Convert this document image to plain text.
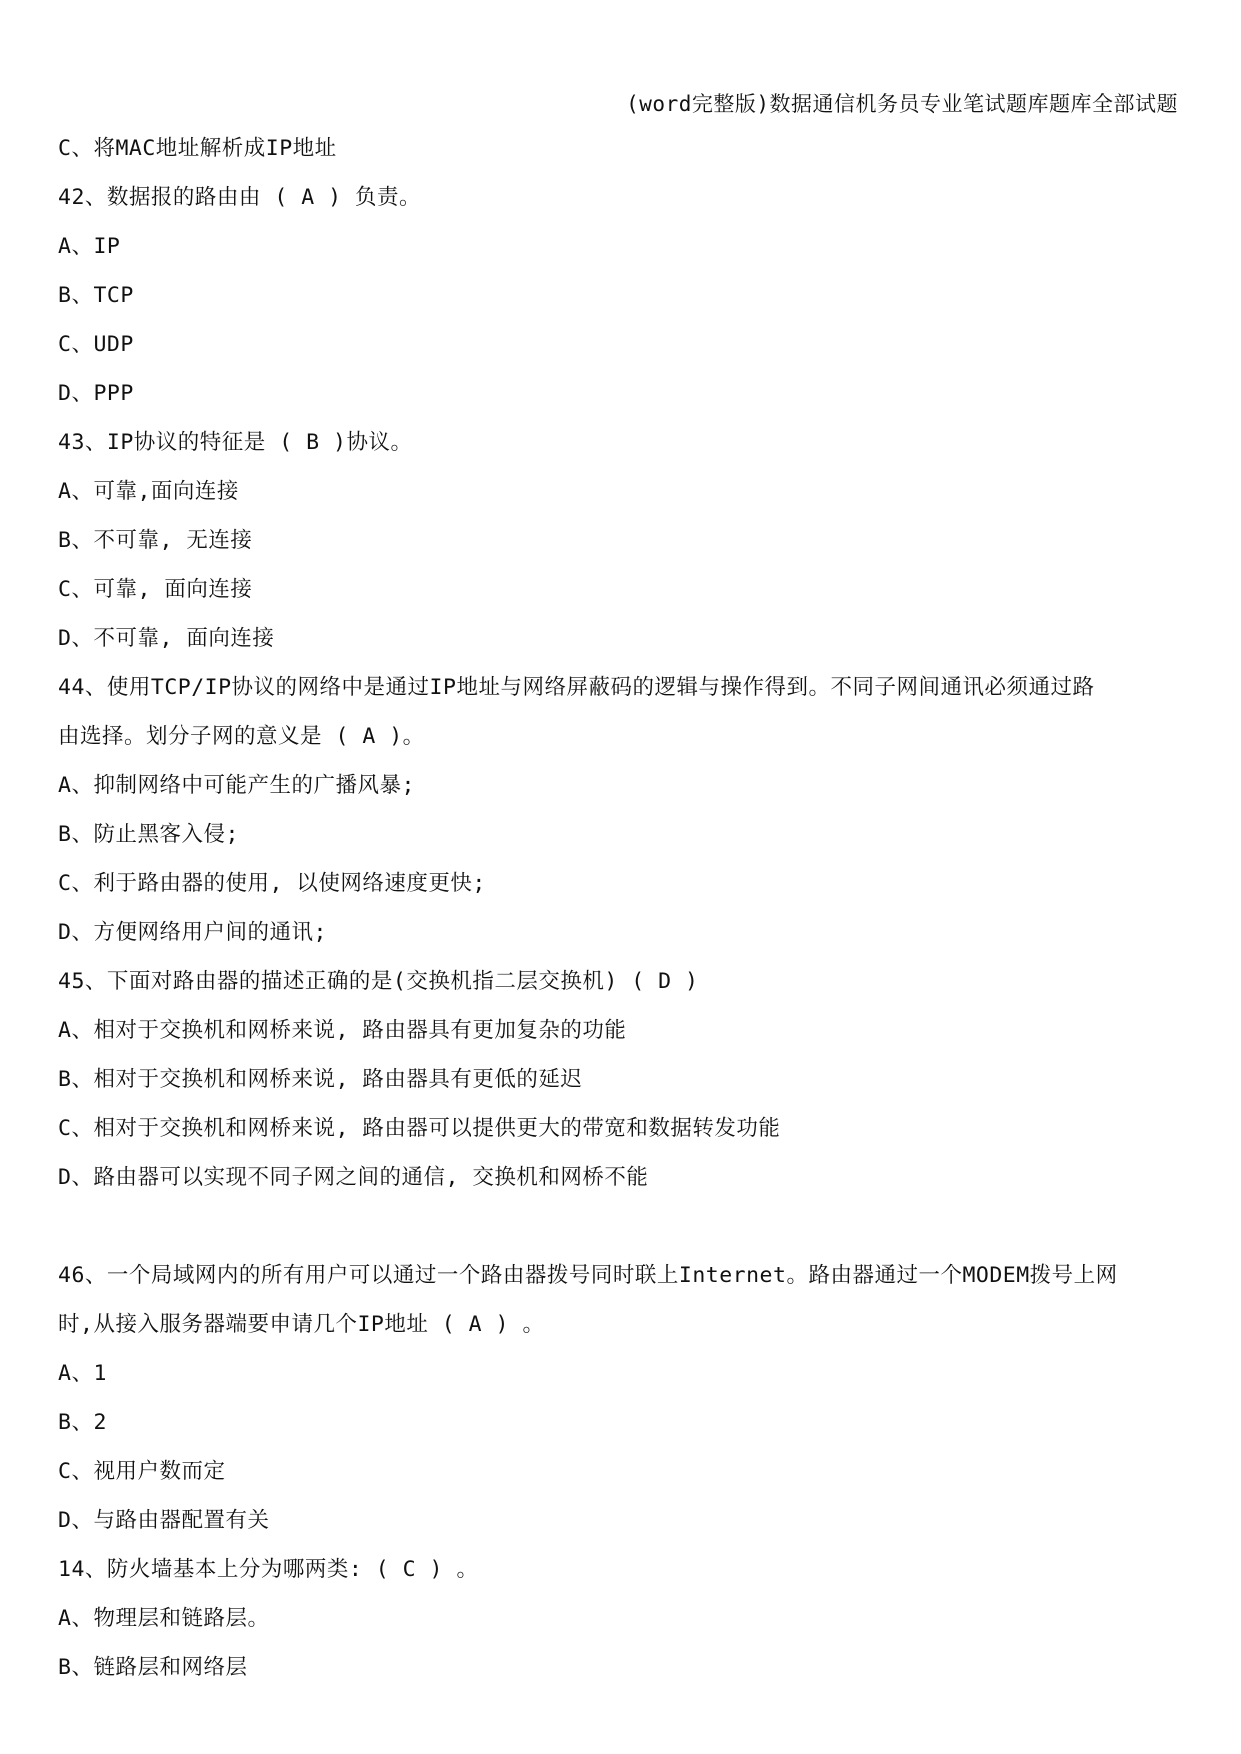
(word完整版)数据通信机务员专业笔试题库题库全部试题
C、将MAC地址解析成IP地址
42、数据报的路由由 ( A ) 负责。
A、IP
B、TCP
C、UDP
D、PPP
43、IP协议的特征是 ( B )协议。
A、可靠,面向连接
B、不可靠, 无连接
C、可靠, 面向连接
D、不可靠, 面向连接
44、使用TCP/IP协议的网络中是通过IP地址与网络屏蔽码的逻辑与操作得到。不同子网间通讯必须通过路
由选择。划分子网的意义是 ( A )。
A、抑制网络中可能产生的广播风暴;
B、防止黑客入侵;
C、利于路由器的使用, 以使网络速度更快;
D、方便网络用户间的通讯;
45、下面对路由器的描述正确的是(交换机指二层交换机) ( D )
A、相对于交换机和网桥来说, 路由器具有更加复杂的功能
B、相对于交换机和网桥来说, 路由器具有更低的延迟
C、相对于交换机和网桥来说, 路由器可以提供更大的带宽和数据转发功能
D、路由器可以实现不同子网之间的通信, 交换机和网桥不能
46、一个局域网内的所有用户可以通过一个路由器拨号同时联上Internet。路由器通过一个MODEM拨号上网
时,从接入服务器端要申请几个IP地址 ( A ) 。
A、1
B、2
C、视用户数而定
D、与路由器配置有关
14、防火墙基本上分为哪两类: ( C ) 。
A、物理层和链路层。
B、链路层和网络层
